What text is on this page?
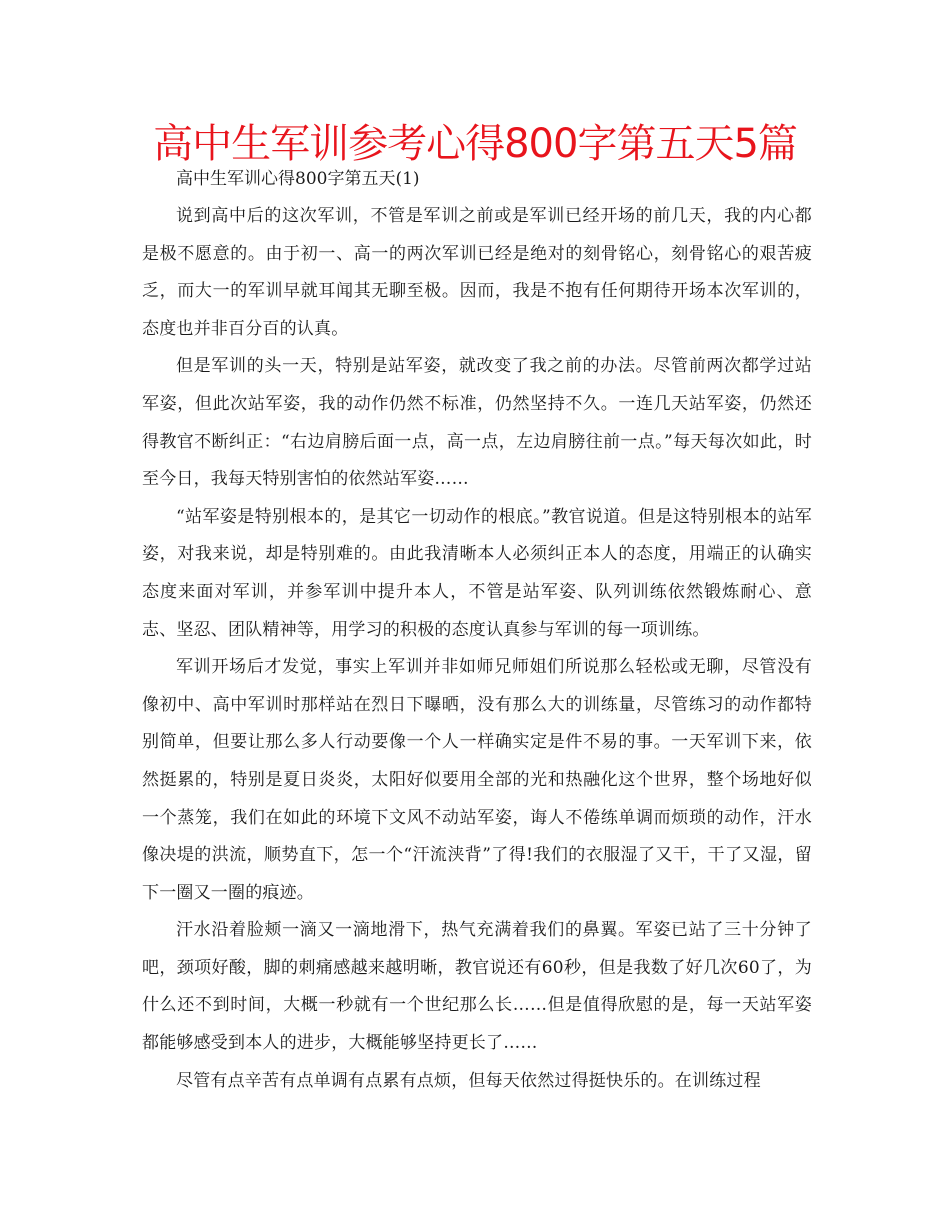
高中生军训参考心得800字第五天5篇

高中生军训心得800字第五天(1)

说到高中后的这次军训，不管是军训之前或是军训已经开场的前几天，我的内心都是极不愿意的。由于初一、高一的两次军训已经是绝对的刻骨铭心，刻骨铭心的艰苦疲乏，而大一的军训早就耳闻其无聊至极。因而，我是不抱有任何期待开场本次军训的，态度也并非百分百的认真。

但是军训的头一天，特别是站军姿，就改变了我之前的办法。尽管前两次都学过站军姿，但此次站军姿，我的动作仍然不标准，仍然坚持不久。一连几天站军姿，仍然还得教官不断纠正：“右边肩膀后面一点，高一点，左边肩膀往前一点。”每天每次如此，时至今日，我每天特别害怕的依然站军姿……

“站军姿是特别根本的，是其它一切动作的根底。”教官说道。但是这特别根本的站军姿，对我来说，却是特别难的。由此我清晰本人必须纠正本人的态度，用端正的认确实态度来面对军训，并参军训中提升本人，不管是站军姿、队列训练依然锻炼耐心、意志、坚忍、团队精神等，用学习的积极的态度认真参与军训的每一项训练。

军训开场后才发觉，事实上军训并非如师兄师姐们所说那么轻松或无聊，尽管没有像初中、高中军训时那样站在烈日下曝晒，没有那么大的训练量，尽管练习的动作都特别简单，但要让那么多人行动要像一个人一样确实定是件不易的事。一天军训下来，依然挺累的，特别是夏日炎炎，太阳好似要用全部的光和热融化这个世界，整个场地好似一个蒸笼，我们在如此的环境下文风不动站军姿，诲人不倦练单调而烦琐的动作，汗水像决堤的洪流，顺势直下，怎一个“汗流浃背”了得!我们的衣服湿了又干，干了又湿，留下一圈又一圈的痕迹。

汗水沿着脸颊一滴又一滴地滑下，热气充满着我们的鼻翼。军姿已站了三十分钟了吧，颈项好酸，脚的刺痛感越来越明晰，教官说还有60秒，但是我数了好几次60了，为什么还不到时间，大概一秒就有一个世纪那么长……但是值得欣慰的是，每一天站军姿都能够感受到本人的进步，大概能够坚持更长了……

尽管有点辛苦有点单调有点累有点烦，但每天依然过得挺快乐的。在训练过程
